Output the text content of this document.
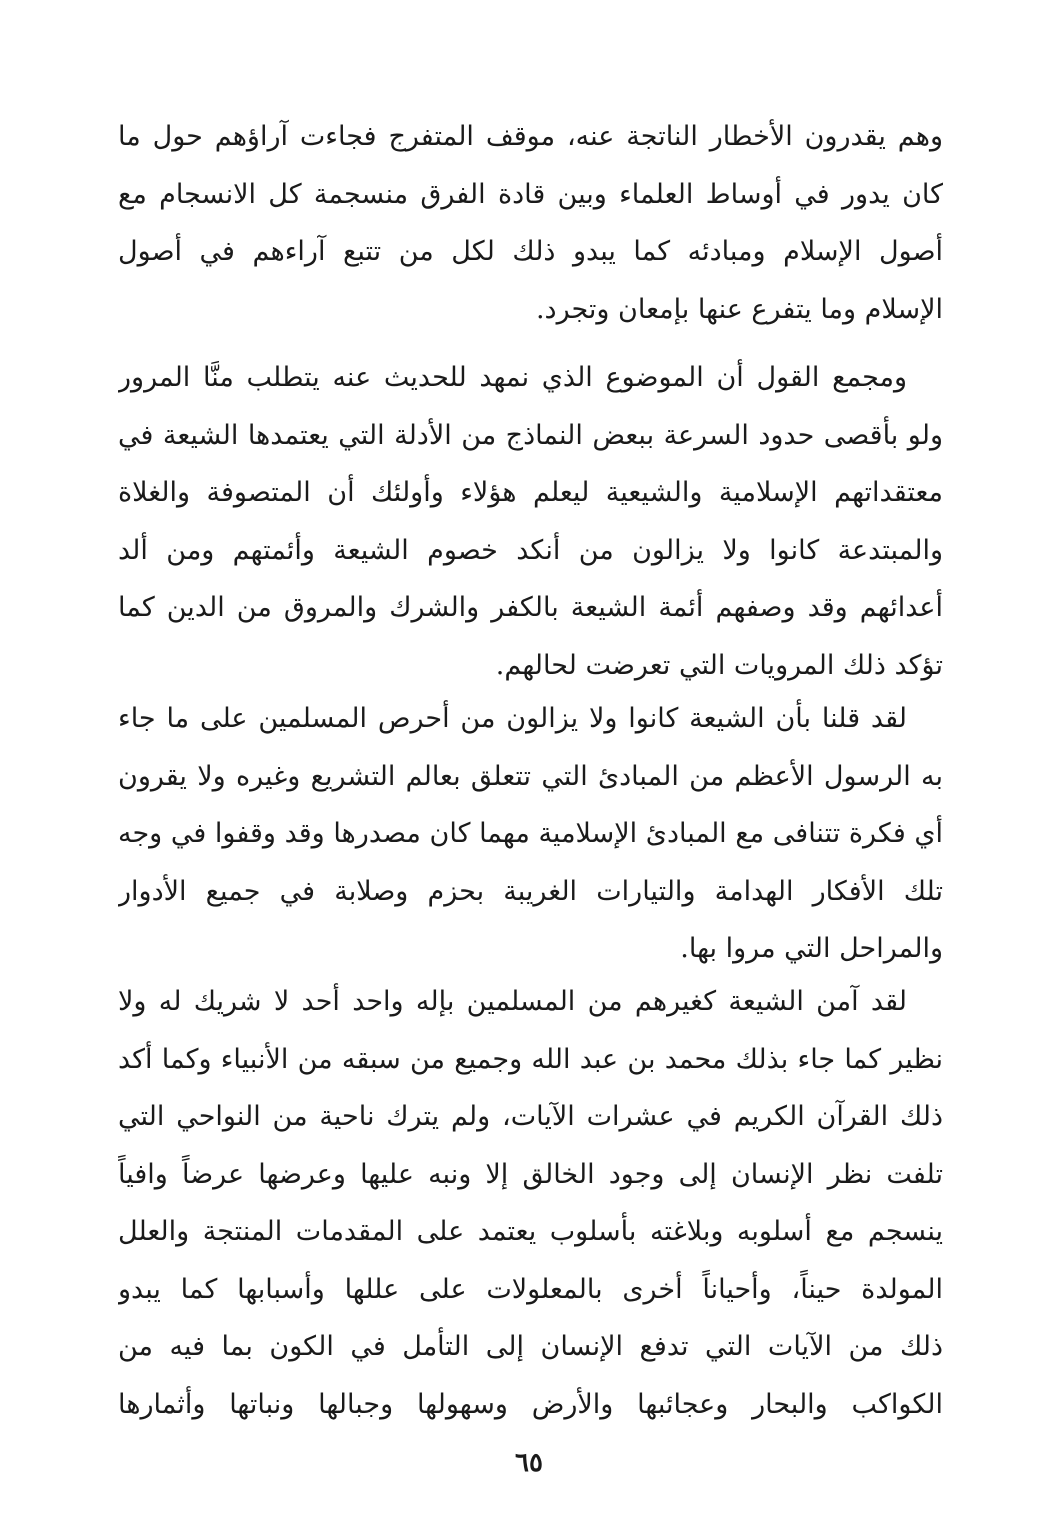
وهم يقدرون الأخطار الناتجة عنه، موقف المتفرج فجاءت آراؤهم حول ما
كان يدور في أوساط العلماء وبين قادة الفرق منسجمة كل الانسجام مع
أصول الإسلام ومبادئه كما يبدو ذلك لكل من تتبع آراءهم في أصول
الإسلام وما يتفرع عنها بإمعان وتجرد.
ومجمع القول أن الموضوع الذي نمهد للحديث عنه يتطلب منَّا المرور
ولو بأقصى حدود السرعة ببعض النماذج من الأدلة التي يعتمدها الشيعة في
معتقداتهم الإسلامية والشيعية ليعلم هؤلاء وأولئك أن المتصوفة والغلاة
والمبتدعة كانوا ولا يزالون من أنكد خصوم الشيعة وأئمتهم ومن ألد
أعدائهم وقد وصفهم أئمة الشيعة بالكفر والشرك والمروق من الدين كما
تؤكد ذلك المرويات التي تعرضت لحالهم.
لقد قلنا بأن الشيعة كانوا ولا يزالون من أحرص المسلمين على ما جاء
به الرسول الأعظم من المبادئ التي تتعلق بعالم التشريع وغيره ولا يقرون
أي فكرة تتنافى مع المبادئ الإسلامية مهما كان مصدرها وقد وقفوا في وجه
تلك الأفكار الهدامة والتيارات الغريبة بحزم وصلابة في جميع الأدوار
والمراحل التي مروا بها.
لقد آمن الشيعة كغيرهم من المسلمين بإله واحد أحد لا شريك له ولا
نظير كما جاء بذلك محمد بن عبد الله وجميع من سبقه من الأنبياء وكما أكد
ذلك القرآن الكريم في عشرات الآيات، ولم يترك ناحية من النواحي التي
تلفت نظر الإنسان إلى وجود الخالق إلا ونبه عليها وعرضها عرضاً وافياً
ينسجم مع أسلوبه وبلاغته بأسلوب يعتمد على المقدمات المنتجة والعلل
المولدة حيناً، وأحياناً أخرى بالمعلولات على عللها وأسبابها كما يبدو
ذلك من الآيات التي تدفع الإنسان إلى التأمل في الكون بما فيه من
الكواكب والبحار وعجائبها والأرض وسهولها وجبالها ونباتها وأثمارها
٦٥
